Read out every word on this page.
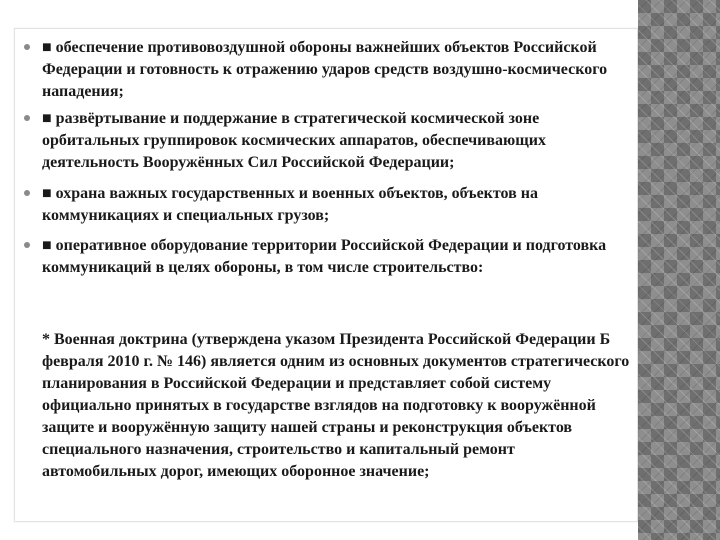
■ обеспечение противовоздушной обороны важнейших объектов Российской Федерации и готовность к отражению ударов средств воздушно-космического нападения;
■ развёртывание и поддержание в стратегической космической зоне орбитальных группировок космических аппаратов, обеспечивающих деятельность Вооружённых Сил Российской Федерации;
■ охрана важных государственных и военных объектов, объектов на коммуникациях и специальных грузов;
■ оперативное оборудование территории Российской Федерации и подготовка коммуникаций в целях обороны, в том числе строительство:
* Военная доктрина (утверждена указом Президента Российской Федерации Б февраля 2010 г. № 146) является одним из основных документов стратегического планирования в Российской Федерации и представляет собой систему официально принятых в государстве взглядов на подготовку к вооружённой защите и вооружённую защиту нашей страны и реконструкция объектов специального назначения, строительство и капитальный ремонт автомобильных дорог, имеющих оборонное значение;
